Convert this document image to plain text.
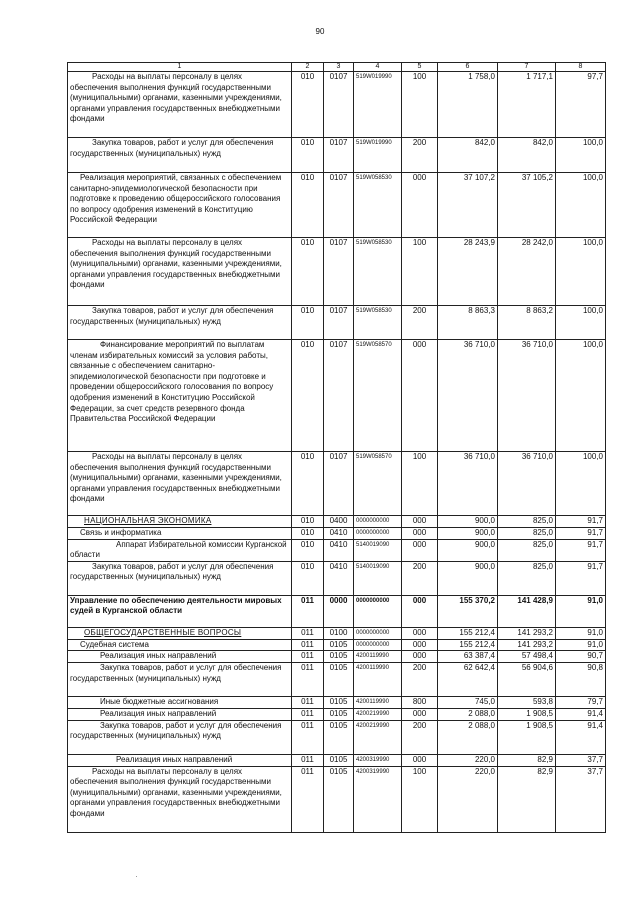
90
1	2	3	4	5	6	7	8
Расходы на выплаты персоналу в целях обеспечения выполнения функций государственными (муниципальными) органами, казенными учреждениями, органами управления государственных внебюджетными фондами	010	0107	519W019990	100	1 758,0	1 717,1	97,7
Закупка товаров, работ и услуг для обеспечения государственных (муниципальных) нужд	010	0107	519W019990	200	842,0	842,0	100,0
Реализация мероприятий, связанных с обеспечением санитарно-эпидемиологической безопасности при подготовке к проведению общероссийского голосования по вопросу одобрения изменений в Конституцию Российской Федерации	010	0107	519W058530	000	37 107,2	37 105,2	100,0
Расходы на выплаты персоналу в целях обеспечения выполнения функций государственными (муниципальными) органами, казенными учреждениями, органами управления государственных внебюджетными фондами	010	0107	519W058530	100	28 243,9	28 242,0	100,0
Закупка товаров, работ и услуг для обеспечения государственных (муниципальных) нужд	010	0107	519W058530	200	8 863,3	8 863,2	100,0
Финансирование мероприятий по выплатам членам избирательных комиссий за условия работы, связанные с обеспечением санитарно-эпидемиологической безопасности при подготовке и проведении общероссийского голосования по вопросу одобрения изменений в Конституцию Российской Федерации, за счет средств резервного фонда Правительства Российской Федерации	010	0107	519W058570	000	36 710,0	36 710,0	100,0
Расходы на выплаты персоналу в целях обеспечения выполнения функций государственными (муниципальными) органами, казенными учреждениями, органами управления государственных внебюджетными фондами	010	0107	519W058570	100	36 710,0	36 710,0	100,0
НАЦИОНАЛЬНАЯ ЭКОНОМИКА	010	0400	0000000000	000	900,0	825,0	91,7
Связь и информатика	010	0410	0000000000	000	900,0	825,0	91,7
Аппарат Избирательной комиссии Курганской области	010	0410	5140019090	000	900,0	825,0	91,7
Закупка товаров, работ и услуг для обеспечения государственных (муниципальных) нужд	010	0410	5140019090	200	900,0	825,0	91,7
Управление по обеспечению деятельности мировых судей в Курганской области	011	0000	0000000000	000	155 370,2	141 428,9	91,0
ОБЩЕГОСУДАРСТВЕННЫЕ ВОПРОСЫ	011	0100	0000000000	000	155 212,4	141 293,2	91,0
Судебная система	011	0105	0000000000	000	155 212,4	141 293,2	91,0
Реализация иных направлений	011	0105	4200119990	000	63 387,4	57 498,4	90,7
Закупка товаров, работ и услуг для обеспечения государственных (муниципальных) нужд	011	0105	4200119990	200	62 642,4	56 904,6	90,8
Иные бюджетные ассигнования	011	0105	4200119990	800	745,0	593,8	79,7
Реализация иных направлений	011	0105	4200219990	000	2 088,0	1 908,5	91,4
Закупка товаров, работ и услуг для обеспечения государственных (муниципальных) нужд	011	0105	4200219990	200	2 088,0	1 908,5	91,4
Реализация иных направлений	011	0105	4200319990	000	220,0	82,9	37,7
Расходы на выплаты персоналу в целях обеспечения выполнения функций государственными (муниципальными) органами, казенными учреждениями, органами управления государственных внебюджетными фондами	011	0105	4200319990	100	220,0	82,9	37,7
